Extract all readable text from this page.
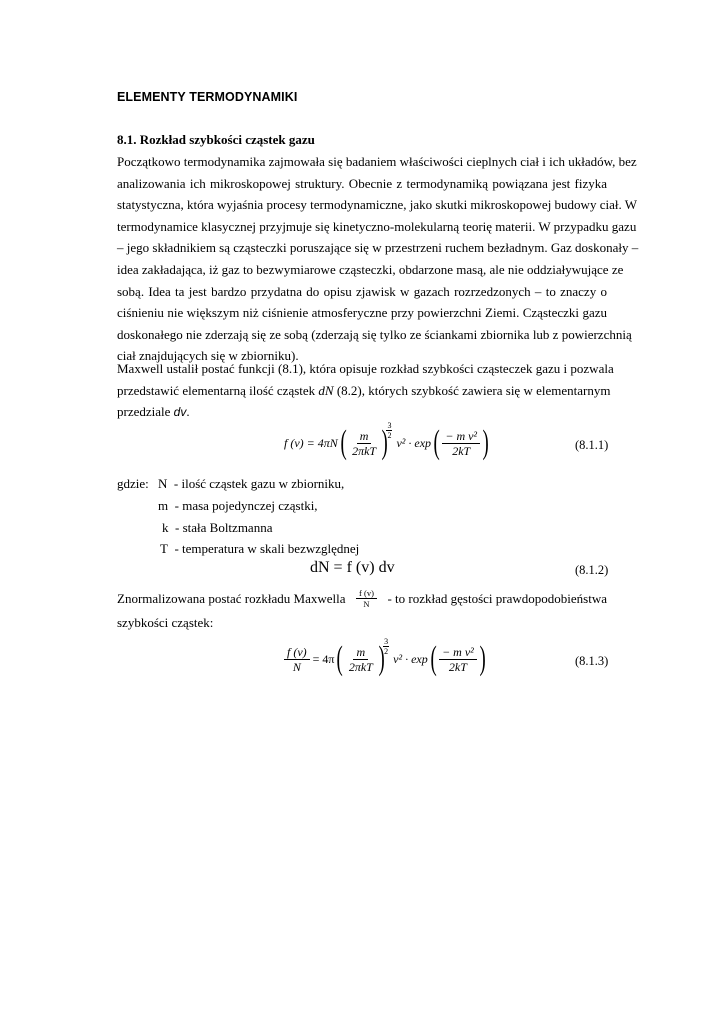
ELEMENTY TERMODYNAMIKI
8.1. Rozkład szybkości cząstek gazu

Początkowo termodynamika zajmowała się badaniem właściwości cieplnych ciał i ich układów, bez

analizowania ich mikroskopowej struktury. Obecnie z termodynamiką powiązana jest fizyka

statystyczna, która wyjaśnia procesy termodynamiczne, jako skutki mikroskopowej budowy ciał. W

termodynamice klasycznej przyjmuje się kinetyczno-molekularną teorię materii. W przypadku gazu

– jego składnikiem są cząsteczki poruszające się w przestrzeni ruchem bezładnym. Gaz doskonały –

idea zakładająca, iż gaz to bezwymiarowe cząsteczki, obdarzone masą, ale nie oddziaływujące ze

sobą. Idea ta jest bardzo przydatna do opisu zjawisk w gazach rozrzedzonych – to znaczy o

ciśnieniu nie większym niż ciśnienie atmosferyczne przy powierzchni Ziemi. Cząsteczki gazu

doskonałego nie zderzają się ze sobą (zderzają się tylko ze ściankami zbiornika lub z powierzchnią

ciał znajdujących się w zbiorniku).

Maxwell ustalił postać funkcji (8.1), która opisuje rozkład szybkości cząsteczek gazu i pozwala

przedstawić elementarną ilość cząstek dN (8.2), których szybkość zawiera się w elementarnym

przedziale dv.

f (v) = 4πN ( $\frac{m}{\text{2πkT}}$ )
$\frac{3}{2}$
v² · exp ( $\frac{\text{− m v²}}{2kT}$ )	(8.1.1)
gdzie: N - ilość cząstek gazu w zbiorniku,
m - masa pojedynczej cząstki,
k - stała Boltzmanna
T - temperatura w skali bezwzględnej
dN = f (v) dv	(8.1.2)

Znormalizowana postać rozkładu Maxwella $\frac{f (v)}{N}$ - to rozkład gęstości prawdopodobieństwa

szybkości cząstek:

$\frac{f (v)}{N} = 4\pi$ ( $\frac{m}{\text{2πkT}}$ )
$\frac{3}{2}$
v² · exp ( $\frac{\text{− m v²}}{2kT}$ )	(8.1.3)
